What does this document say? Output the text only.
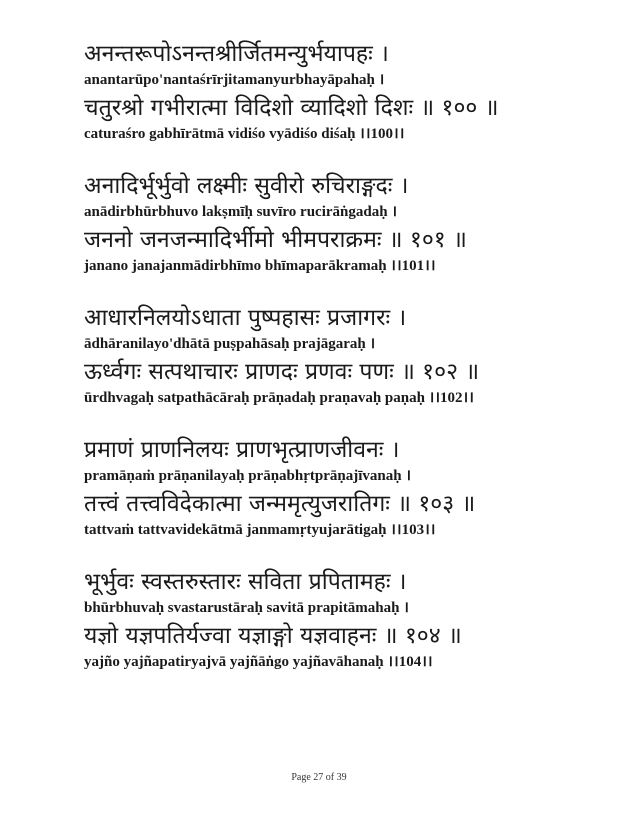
अनन्तरूपोऽनन्तश्रीर्जितमन्युर्भयापहः ।
anantarūpo'nantaśrīrjitamanyurbhayāpahaḥ ।
चतुरश्रो गभीरात्मा विदिशो व्यादिशो दिशः ॥ १०० ॥
caturaśro gabhīrātmā vidiśo vyādiśo diśaḥ ।।100।।
अनादिर्भूर्भुवो लक्ष्मीः सुवीरो रुचिराङ्गदः ।
anādirbhūrbhuvo lakṣmīḥ suvīro rucirāṅgadaḥ ।
जननो जनजन्मादिर्भीमो भीमपराक्रमः ॥ १०१ ॥
janano janajanmādirbhīmo bhīmaparākramaḥ ।।101।।
आधारनिलयोऽधाता पुष्पहासः प्रजागरः ।
ādhāranilayo'dhātā puṣpahāsaḥ prajāgaraḥ ।
ऊर्ध्वगः सत्पथाचारः प्राणदः प्रणवः पणः ॥ १०२ ॥
ūrdhvagaḥ satpathācāraḥ prāṇadaḥ praṇavaḥ paṇaḥ ।।102।।
प्रमाणं प्राणनिलयः प्राणभृत्प्राणजीवनः ।
pramāṇaṁ prāṇanilayaḥ prāṇabhṛtprāṇajīvanaḥ ।
तत्त्वं तत्त्वविदेकात्मा जन्ममृत्युजरातिगः ॥ १०३ ॥
tattvaṁ tattvavidekātmā janmamṛtyujarātigaḥ ।।103।।
भूर्भुवः स्वस्तरुस्तारः सविता प्रपितामहः ।
bhūrbhuvaḥ svastarustāraḥ savitā prapitāmahaḥ ।
यज्ञो यज्ञपतिर्यज्वा यज्ञाङ्गो यज्ञवाहनः ॥ १०४ ॥
yajño yajñapatiryajvā yajñāṅgo yajñavāhanaḥ ।।104।।
Page 27 of 39
